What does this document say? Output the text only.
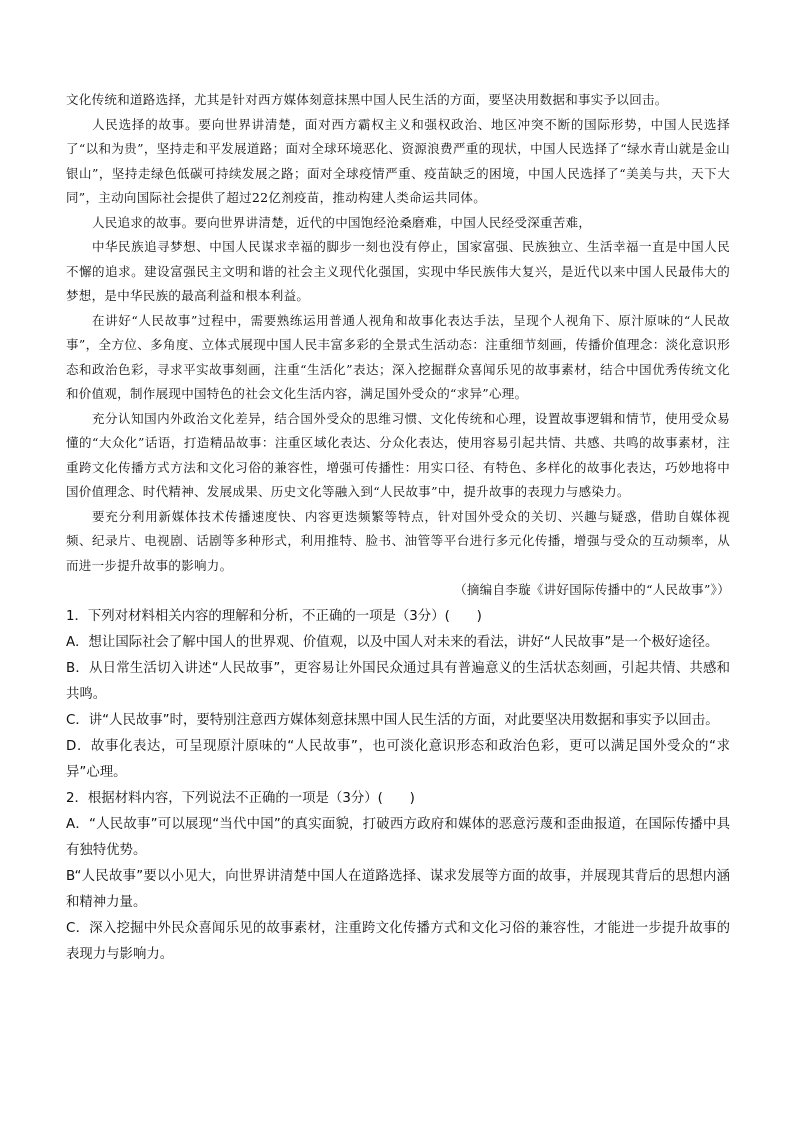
文化传统和道路选择，尤其是针对西方媒体刻意抹黑中国人民生活的方面，要坚决用数据和事实予以回击。

人民选择的故事。要向世界讲清楚，面对西方霸权主义和强权政治、地区冲突不断的国际形势，中国人民选择了“以和为贵”，坚持走和平发展道路；面对全球环境恶化、资源浪费严重的现状，中国人民选择了“绿水青山就是金山银山”，坚持走绿色低碳可持续发展之路；面对全球疫情严重、疫苗缺乏的困境，中国人民选择了“美美与共，天下大同”，主动向国际社会提供了超过22亿剂疫苗，推动构建人类命运共同体。

人民追求的故事。要向世界讲清楚，近代的中国饱经沧桑磨难，中国人民经受深重苦难，

中华民族追寻梦想、中国人民谋求幸福的脚步一刻也没有停止，国家富强、民族独立、生活幸福一直是中国人民不懈的追求。建设富强民主文明和谐的社会主义现代化强国，实现中华民族伟大复兴，是近代以来中国人民最伟大的梦想，是中华民族的最高利益和根本利益。

在讲好“人民故事”过程中，需要熟练运用普通人视角和故事化表达手法，呈现个人视角下、原汁原味的“人民故事”，全方位、多角度、立体式展现中国人民丰富多彩的全景式生活动态：注重细节刻画，传播价值理念：淡化意识形态和政治色彩，寻求平实故事刻画，注重“生活化”表达；深入挖掘群众喜闻乐见的故事素材，结合中国优秀传统文化和价值观，制作展现中国特色的社会文化生活内容，满足国外受众的“求异”心理。

充分认知国内外政治文化差异，结合国外受众的思维习惯、文化传统和心理，设置故事逻辑和情节，使用受众易懂的“大众化”话语，打造精品故事：注重区域化表达、分众化表达，使用容易引起共情、共感、共鸣的故事素材，注重跨文化传播方式方法和文化习俗的兼容性，增强可传播性：用实口径、有特色、多样化的故事化表达，巧妙地将中国价值理念、时代精神、发展成果、历史文化等融入到“人民故事”中，提升故事的表现力与感染力。

要充分利用新媒体技术传播速度快、内容更迭频繁等特点，针对国外受众的关切、兴趣与疑惑，借助自媒体视频、纪录片、电视剧、话剧等多种形式，利用推特、脸书、油管等平台进行多元化传播，增强与受众的互动频率，从而进一步提升故事的影响力。

（摘编自李璇《讲好国际传播中的“人民故事”》）

1．下列对材料相关内容的理解和分析，不正确的一项是（3分）(　　)

A．想让国际社会了解中国人的世界观、价值观，以及中国人对未来的看法，讲好“人民故事”是一个极好途径。

B．从日常生活切入讲述“人民故事”，更容易让外国民众通过具有普遍意义的生活状态刻画，引起共情、共感和共鸣。

C．讲“人民故事”时，要特别注意西方媒体刻意抹黑中国人民生活的方面，对此要坚决用数据和事实予以回击。

D．故事化表达，可呈现原汁原味的“人民故事”，也可淡化意识形态和政治色彩，更可以满足国外受众的“求异”心理。

2．根据材料内容，下列说法不正确的一项是（3分）(　　)

A．“人民故事”可以展现“当代中国”的真实面貌，打破西方政府和媒体的恶意污蔑和歪曲报道，在国际传播中具有独特优势。

B“人民故事”要以小见大，向世界讲清楚中国人在道路选择、谋求发展等方面的故事，并展现其背后的思想内涵和精神力量。

C．深入挖掘中外民众喜闻乐见的故事素材，注重跨文化传播方式和文化习俗的兼容性，才能进一步提升故事的表现力与影响力。
